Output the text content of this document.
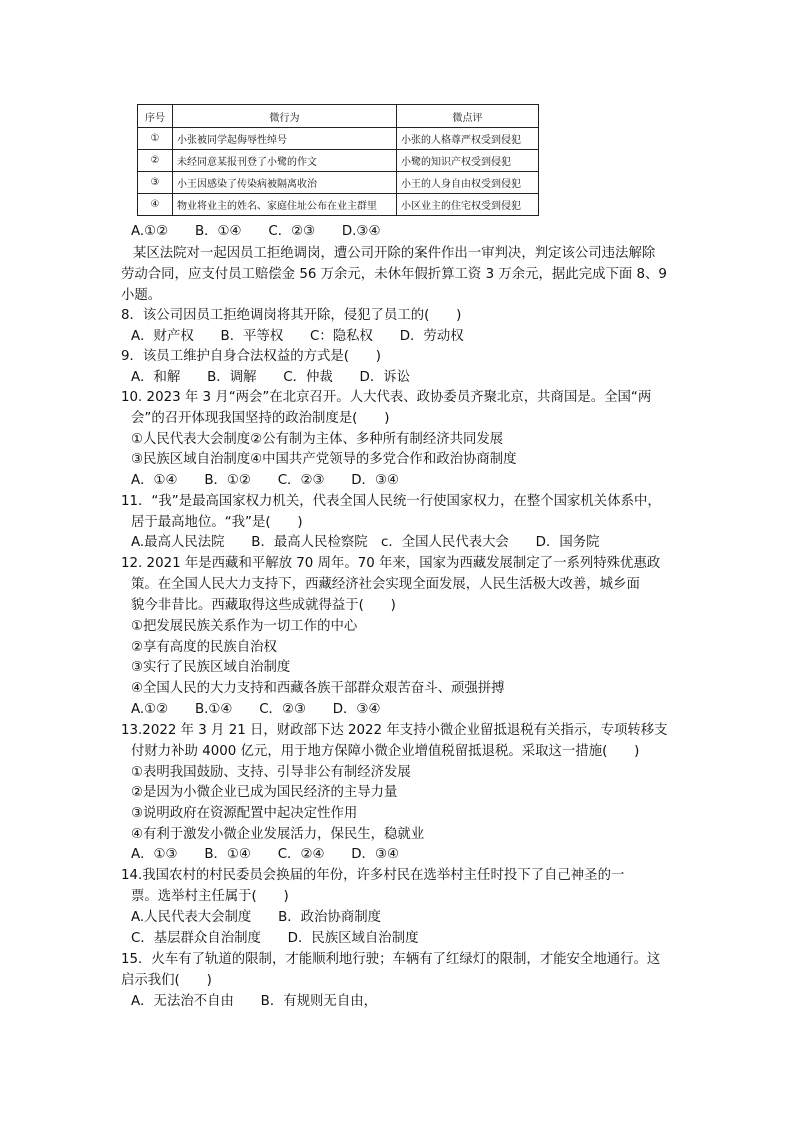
序号	微行为	微点评
①	小张被同学起侮辱性绰号	小张的人格尊严权受到侵犯
②	未经同意某报刊登了小鹭的作文	小鹭的知识产权受到侵犯
③	小王因感染了传染病被隔离收治	小王的人身自由权受到侵犯
④	物业将业主的姓名、家庭住址公布在业主群里	小区业主的住宅权受到侵犯
A.①②　　B．①④　　C．②③　　D.③④
某区法院对一起因员工拒绝调岗，遭公司开除的案件作出一审判决，判定该公司违法解除
劳动合同，应支付员工赔偿金 56 万余元，未休年假折算工资 3 万余元，据此完成下面 8、9
小题。
8．该公司因员工拒绝调岗将其开除，侵犯了员工的(　　)
A．财产权　　B．平等权　　C：隐私权　　D．劳动权
9．该员工维护自身合法权益的方式是(　　)
A．和解　　B．调解　　C．仲裁　　D．诉讼
10. 2023 年 3 月“两会”在北京召开。人大代表、政协委员齐聚北京，共商国是。全国“两
会”的召开体现我国坚持的政治制度是(　　)
①人民代表大会制度②公有制为主体、多种所有制经济共同发展
③民族区域自治制度④中国共产党领导的多党合作和政治协商制度
A．①④　　B．①②　　C．②③　　D．③④
11．“我”是最高国家权力机关，代表全国人民统一行使国家权力，在整个国家机关体系中，
居于最高地位。“我”是(　　)
A.最高人民法院　　B．最高人民检察院　c．全国人民代表大会　　D．国务院
12. 2021 年是西藏和平解放 70 周年。70 年来，国家为西藏发展制定了一系列特殊优惠政
策。在全国人民大力支持下，西藏经济社会实现全面发展，人民生活极大改善，城乡面
貌今非昔比。西藏取得这些成就得益于(　　)
①把发展民族关系作为一切工作的中心
②享有高度的民族自治权
③实行了民族区域自治制度
④全国人民的大力支持和西藏各族干部群众艰苦奋斗、顽强拼搏
A.①②　　B.①④　　C．②③　　D．③④
13.2022 年 3 月 21 日，财政部下达 2022 年支持小微企业留抵退税有关指示，专项转移支
付财力补助 4000 亿元，用于地方保障小微企业增值税留抵退税。采取这一措施(　　)
①表明我国鼓励、支持、引导非公有制经济发展
②是因为小微企业已成为国民经济的主导力量
③说明政府在资源配置中起决定性作用
④有利于激发小微企业发展活力，保民生，稳就业
A．①③　　B．①④　　C．②④　　D．③④
14.我国农村的村民委员会换届的年份，许多村民在选举村主任时投下了自己神圣的一
票。选举村主任属于(　　)
A.人民代表大会制度　　B．政治协商制度
C．基层群众自治制度　　D．民族区域自治制度
15．火车有了轨道的限制，才能顺利地行驶；车辆有了红绿灯的限制，才能安全地通行。这
启示我们(　　)
A．无法治不自由　　B．有规则无自由，
